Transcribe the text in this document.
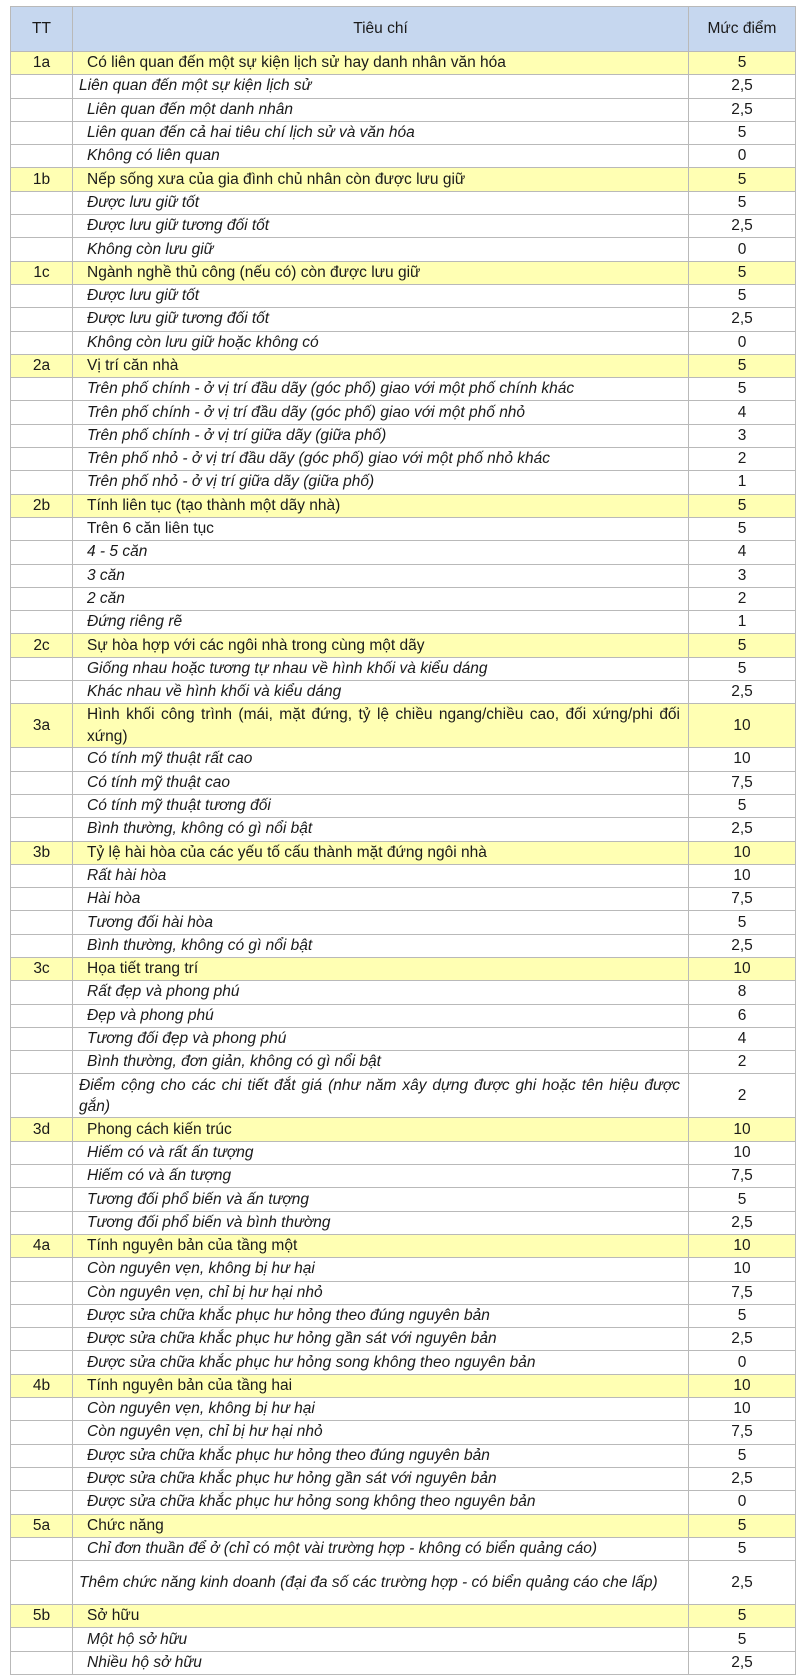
TT	Tiêu chí	Mức điểm
1a	Có liên quan đến một sự kiện lịch sử hay danh nhân văn hóa	5
	Liên quan đến một sự kiện lịch sử	2,5
	Liên quan đến một danh nhân	2,5
	Liên quan đến cả hai tiêu chí lịch sử và văn hóa	5
	Không có liên quan	0
1b	Nếp sống xưa của gia đình chủ nhân còn được lưu giữ	5
	Được lưu giữ tốt	5
	Được lưu giữ tương đối tốt	2,5
	Không còn lưu giữ	0
1c	Ngành nghề thủ công (nếu có) còn được lưu giữ	5
	Được lưu giữ tốt	5
	Được lưu giữ tương đối tốt	2,5
	Không còn lưu giữ hoặc không có	0
2a	Vị trí căn nhà	5
	Trên phố chính - ở vị trí đầu dãy (góc phố) giao với một phố chính khác	5
	Trên phố chính - ở vị trí đầu dãy (góc phố) giao với một phố nhỏ	4
	Trên phố chính - ở vị trí giữa dãy (giữa phố)	3
	Trên phố nhỏ - ở vị trí đầu dãy (góc phố) giao với một phố nhỏ khác	2
	Trên phố nhỏ - ở vị trí giữa dãy (giữa phố)	1
2b	Tính liên tục (tạo thành một dãy nhà)	5
	Trên 6 căn liên tục	5
	4 - 5 căn	4
	3 căn	3
	2 căn	2
	Đứng riêng rẽ	1
2c	Sự hòa hợp với các ngôi nhà trong cùng một dãy	5
	Giống nhau hoặc tương tự nhau về hình khối và kiểu dáng	5
	Khác nhau về hình khối và kiểu dáng	2,5
3a	Hình khối công trình (mái, mặt đứng, tỷ lệ chiều ngang/chiều cao, đối xứng/phi đối xứng)	10
	Có tính mỹ thuật rất cao	10
	Có tính mỹ thuật cao	7,5
	Có tính mỹ thuật tương đối	5
	Bình thường, không có gì nổi bật	2,5
3b	Tỷ lệ hài hòa của các yếu tố cấu thành mặt đứng ngôi nhà	10
	Rất hài hòa	10
	Hài hòa	7,5
	Tương đối hài hòa	5
	Bình thường, không có gì nổi bật	2,5
3c	Họa tiết trang trí	10
	Rất đẹp và phong phú	8
	Đẹp và phong phú	6
	Tương đối đẹp và phong phú	4
	Bình thường, đơn giản, không có gì nổi bật	2
	Điểm cộng cho các chi tiết đắt giá (như năm xây dựng được ghi hoặc tên hiệu được gắn)	2
3d	Phong cách kiến trúc	10
	Hiếm có và rất ấn tượng	10
	Hiếm có và ấn tượng	7,5
	Tương đối phổ biến và ấn tượng	5
	Tương đối phổ biến và bình thường	2,5
4a	Tính nguyên bản của tầng một	10
	Còn nguyên vẹn, không bị hư hại	10
	Còn nguyên vẹn, chỉ bị hư hại nhỏ	7,5
	Được sửa chữa khắc phục hư hỏng theo đúng nguyên bản	5
	Được sửa chữa khắc phục hư hỏng gần sát với nguyên bản	2,5
	Được sửa chữa khắc phục hư hỏng song không theo nguyên bản	0
4b	Tính nguyên bản của tầng hai	10
	Còn nguyên vẹn, không bị hư hại	10
	Còn nguyên vẹn, chỉ bị hư hại nhỏ	7,5
	Được sửa chữa khắc phục hư hỏng theo đúng nguyên bản	5
	Được sửa chữa khắc phục hư hỏng gần sát với nguyên bản	2,5
	Được sửa chữa khắc phục hư hỏng song không theo nguyên bản	0
5a	Chức năng	5
	Chỉ đơn thuần để ở (chỉ có một vài trường hợp - không có biển quảng cáo)	5
	Thêm chức năng kinh doanh (đại đa số các trường hợp - có biển quảng cáo che lấp)	2,5
5b	Sở hữu	5
	Một hộ sở hữu	5
	Nhiều hộ sở hữu	2,5
